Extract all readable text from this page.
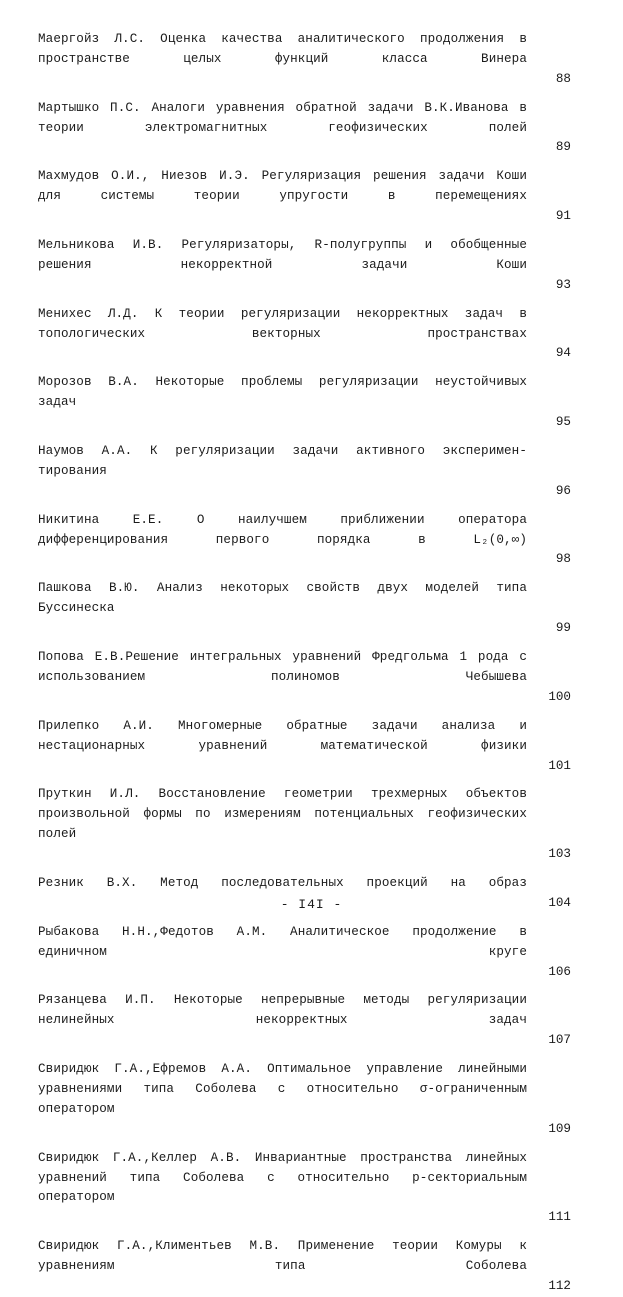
Маергойз Л.С. Оценка качества аналитического продолжения в пространстве целых функций класса Винера
88
Мартышко П.С. Аналоги уравнения обратной задачи В.К.Иванова в теории электромагнитных геофизических полей
89
Махмудов О.И., Ниезов И.Э. Регуляризация решения задачи Коши для системы теории упругости в перемещениях
91
Мельникова И.В. Регуляризаторы, R-полугруппы и обобщенные решения некорректной задачи Коши
93
Менихес Л.Д. К теории регуляризации некорректных задач в топологических векторных пространствах
94
Морозов В.А. Некоторые проблемы регуляризации неустойчивых задач
95
Наумов А.А. К регуляризации задачи активного эксперимен-тирования
96
Никитина Е.Е. О наилучшем приближении оператора дифференцирования первого порядка в L₂(0,∞)
98
Пашкова В.Ю. Анализ некоторых свойств двух моделей типа Буссинеска
99
Попова Е.В.Решение интегральных уравнений Фредгольма 1 рода с использованием полиномов Чебышева
100
Прилепко А.И. Многомерные обратные задачи анализа и нестационарных уравнений математической физики
101
Пруткин И.Л. Восстановление геометрии трехмерных объектов произвольной формы по измерениям потенциальных геофизических полей
103
Резник В.Х. Метод последовательных проекций на образ
104
Рыбакова Н.Н.,Федотов А.М. Аналитическое продолжение в единичном круге
106
Рязанцева И.П. Некоторые непрерывные методы регуляризации нелинейных некорректных задач
107
Свиридюк Г.А.,Ефремов А.А. Оптимальное управление линейными уравнениями типа Соболева с относительно σ-ограниченным оператором
109
Свиридюк Г.А.,Келлер А.В. Инвариантные пространства линейных уравнений типа Соболева с относительно p-секториальным оператором
111
Свиридюк Г.А.,Климентьев М.В. Применение теории Комуры к уравнениям типа Соболева
112
- I4I -
